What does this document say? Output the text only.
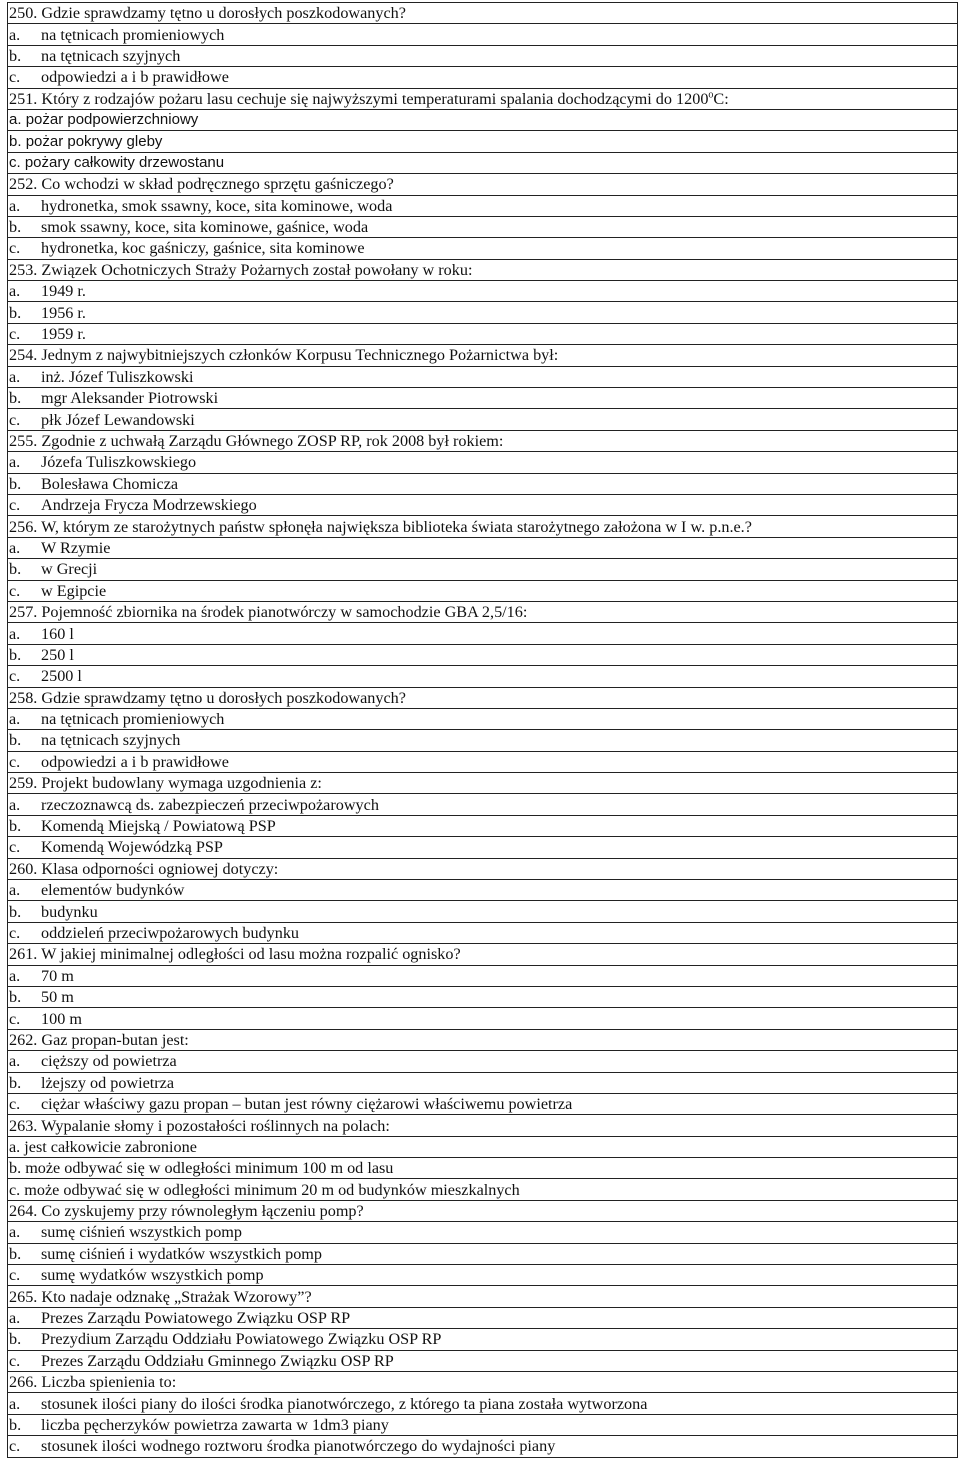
250. Gdzie sprawdzamy tętno u dorosłych poszkodowanych?
a. na tętnicach promieniowych
b. na tętnicach szyjnych
c. odpowiedzi a i b prawidłowe
251. Który z rodzajów pożaru lasu cechuje się najwyższymi temperaturami spalania dochodzącymi do 1200$^o$C:
a. pożar podpowierzchniowy
b. pożar pokrywy gleby
c. pożary całkowity drzewostanu
252. Co wchodzi w skład podręcznego sprzętu gaśniczego?
a. hydronetka, smok ssawny, koce, sita kominowe, woda
b. smok ssawny, koce, sita kominowe, gaśnice, woda
c. hydronetka, koc gaśniczy, gaśnice, sita kominowe
253. Związek Ochotniczych Straży Pożarnych został powołany w roku:
a. 1949 r.
b. 1956 r.
c. 1959 r.
254. Jednym z najwybitniejszych członków Korpusu Technicznego Pożarnictwa był:
a. inż. Józef Tuliszkowski
b. mgr Aleksander Piotrowski
c. płk Józef Lewandowski
255. Zgodnie z uchwałą Zarządu Głównego ZOSP RP, rok 2008 był rokiem:
a. Józefa Tuliszkowskiego
b. Bolesława Chomicza
c. Andrzeja Frycza Modrzewskiego
256. W, którym ze starożytnych państw spłonęła największa biblioteka świata starożytnego założona w I w. p.n.e.?
a. W Rzymie
b. w Grecji
c. w Egipcie
257. Pojemność zbiornika na środek pianotwórczy w samochodzie GBA 2,5/16:
a. 160 l
b. 250 l
c. 2500 l
258. Gdzie sprawdzamy tętno u dorosłych poszkodowanych?
a. na tętnicach promieniowych
b. na tętnicach szyjnych
c. odpowiedzi a i b prawidłowe
259. Projekt budowlany wymaga uzgodnienia z:
a. rzeczoznawcą ds. zabezpieczeń przeciwpożarowych
b. Komendą Miejską / Powiatową PSP
c. Komendą Wojewódzką PSP
260. Klasa odporności ogniowej dotyczy:
a. elementów budynków
b. budynku
c. oddzieleń przeciwpożarowych budynku
261. W jakiej minimalnej odległości od lasu można rozpalić ognisko?
a. 70 m
b. 50 m
c. 100 m
262. Gaz propan-butan jest:
a. cięższy od powietrza
b. lżejszy od powietrza
c. ciężar właściwy gazu propan – butan jest równy ciężarowi właściwemu powietrza
263. Wypalanie słomy i pozostałości roślinnych na polach:
a. jest całkowicie zabronione
b. może odbywać się w odległości minimum 100 m od lasu
c. może odbywać się w odległości minimum 20 m od budynków mieszkalnych
264. Co zyskujemy przy równoległym łączeniu pomp?
a. sumę ciśnień wszystkich pomp
b. sumę ciśnień i wydatków wszystkich pomp
c. sumę wydatków wszystkich pomp
265. Kto nadaje odznakę „Strażak Wzorowy”?
a. Prezes Zarządu Powiatowego Związku OSP RP
b. Prezydium Zarządu Oddziału Powiatowego Związku OSP RP
c. Prezes Zarządu Oddziału Gminnego Związku OSP RP
266. Liczba spienienia to:
a. stosunek ilości piany do ilości środka pianotwórczego, z którego ta piana została wytworzona
b. liczba pęcherzyków powietrza zawarta w 1dm3 piany
c. stosunek ilości wodnego roztworu środka pianotwórczego do wydajności piany
